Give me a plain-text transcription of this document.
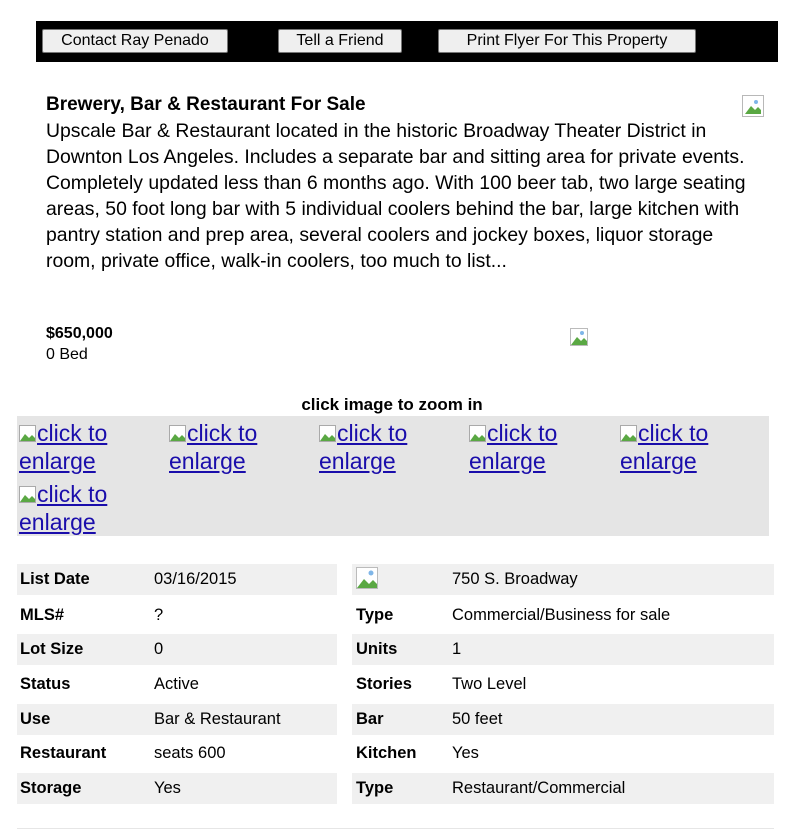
Contact Ray Penado	Tell a Friend	Print Flyer For This Property
Brewery, Bar & Restaurant For Sale
Upscale Bar & Restaurant located in the historic Broadway Theater District in Downton Los Angeles. Includes a separate bar and sitting area for private events. Completely updated less than 6 months ago. With 100 beer tab, two large seating areas, 50 foot long bar with 5 individual coolers behind the bar, large kitchen with pantry station and prep area, several coolers and jockey boxes, liquor storage room, private office, walk-in coolers, too much to list...
$650,000
0 Bed
click image to zoom in
click to enlarge
click to enlarge
click to enlarge
click to enlarge
click to enlarge
click to enlarge
List Date	03/16/2015
MLS#	?
Lot Size	0
Status	Active
Use	Bar & Restaurant
Restaurant	seats 600
Storage	Yes
750 S. Broadway
Type	Commercial/Business for sale
Units	1
Stories Two Level
Bar	50 feet
Kitchen Yes
Type	Restaurant/Commercial
